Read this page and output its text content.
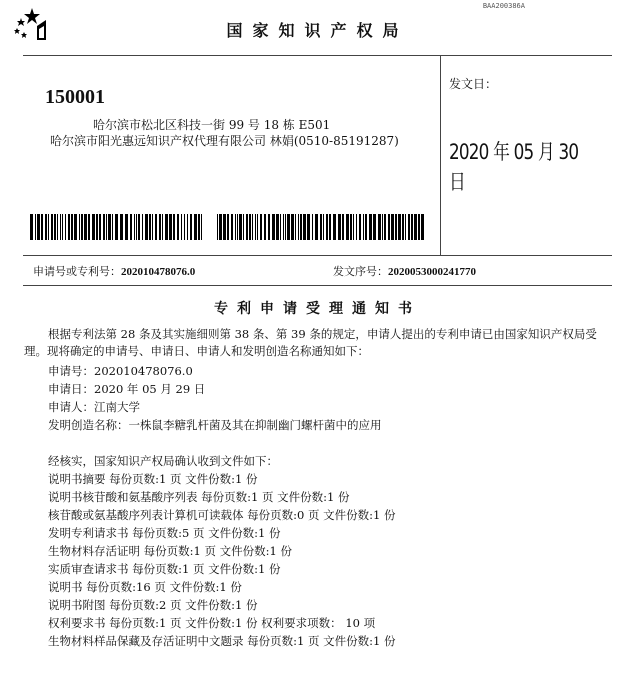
BAA200386A
国家知识产权局
150001
哈尔滨市松北区科技一街 99 号 18 栋 E501
哈尔滨市阳光惠远知识产权代理有限公司 林娟(0510-85191287)
发文日：
2020 年 05 月 30 日
申请号或专利号：202010478076.0	发文序号：2020053000241770
专利申请受理通知书
根据专利法第 28 条及其实施细则第 38 条、第 39 条的规定，申请人提出的专利申请已由国家知识产权局受理。现将确定的申请号、申请日、申请人和发明创造名称通知如下：
申请号：202010478076.0
申请日：2020 年 05 月 29 日
申请人：江南大学
发明创造名称：一株鼠李糖乳杆菌及其在抑制幽门螺杆菌中的应用
经核实，国家知识产权局确认收到文件如下：
说明书摘要 每份页数:1 页 文件份数:1 份
说明书核苷酸和氨基酸序列表 每份页数:1 页 文件份数:1 份
核苷酸或氨基酸序列表计算机可读载体 每份页数:0 页 文件份数:1 份
发明专利请求书 每份页数:5 页 文件份数:1 份
生物材料存活证明 每份页数:1 页 文件份数:1 份
实质审查请求书 每份页数:1 页 文件份数:1 份
说明书 每份页数:16 页 文件份数:1 份
说明书附图 每份页数:2 页 文件份数:1 份
权利要求书 每份页数:1 页 文件份数:1 份 权利要求项数： 10 项
生物材料样品保藏及存活证明中文题录 每份页数:1 页 文件份数:1 份
